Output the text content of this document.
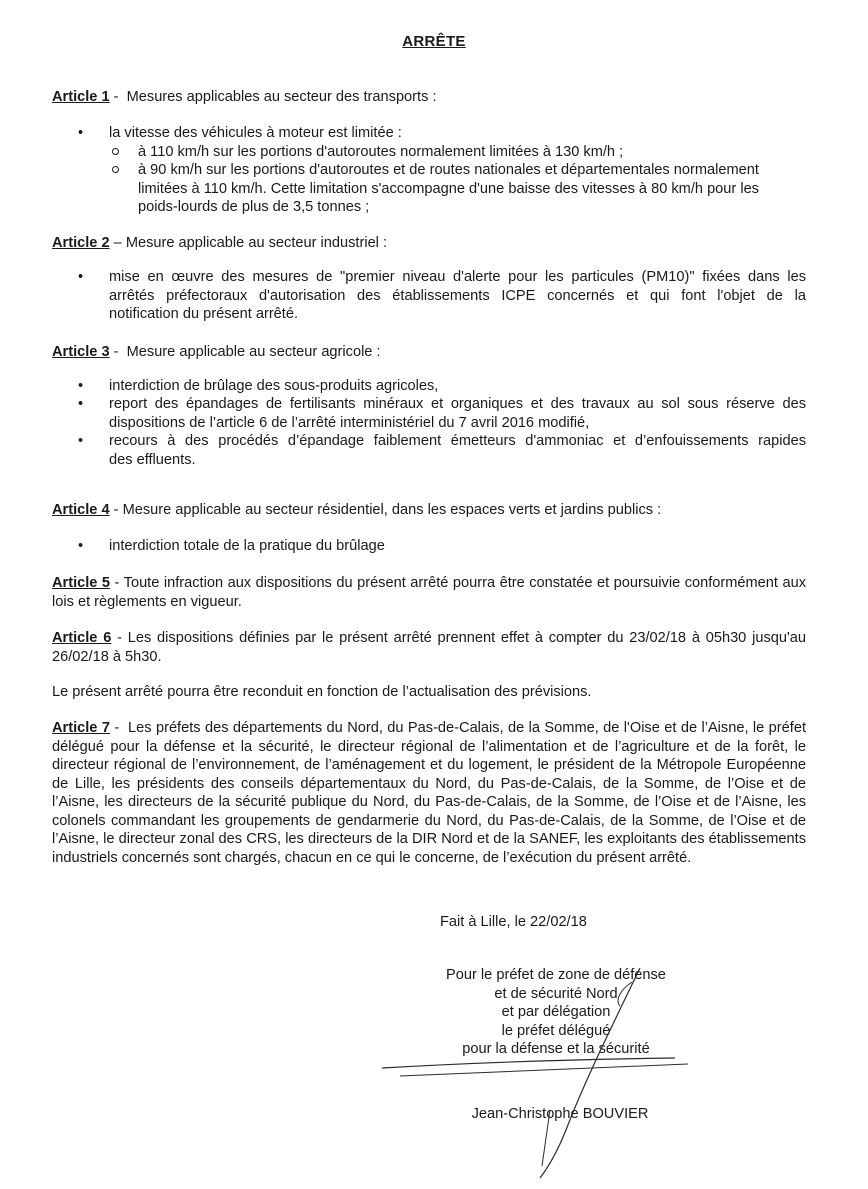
ARRÊTE

Article 1 -  Mesures applicables au secteur des transports :

•	la vitesse des véhicules à moteur est limitée :
à 110 km/h sur les portions d'autoroutes normalement limitées à 130 km/h ;
à 90 km/h sur les portions d'autoroutes et de routes nationales et départementales normalement
limitées à 110 km/h. Cette limitation s'accompagne d'une baisse des vitesses à 80 km/h pour les
poids-lourds de plus de 3,5 tonnes ;

Article 2 – Mesure applicable au secteur industriel :

•	mise en œuvre des mesures de "premier niveau d'alerte pour les particules (PM10)" fixées dans les
arrêtés préfectoraux d'autorisation des établissements ICPE concernés et qui font l'objet de la
notification du présent arrêté.

Article 3 -  Mesure applicable au secteur agricole :

•	interdiction de brûlage des sous-produits agricoles,
•	report des épandages de fertilisants minéraux et organiques et des travaux au sol sous réserve des
dispositions de l’article 6 de l’arrêté interministériel du 7 avril 2016 modifié,
•	recours à des procédés d’épandage faiblement émetteurs d'ammoniac et d’enfouissements rapides
des effluents.

Article 4 - Mesure applicable au secteur résidentiel, dans les espaces verts et jardins publics :

•	interdiction totale de la pratique du brûlage

Article 5 - Toute infraction aux dispositions du présent arrêté pourra être constatée et poursuivie conformément aux lois et règlements en vigueur.

Article 6 - Les dispositions définies par le présent arrêté prennent effet à compter du 23/02/18 à 05h30 jusqu'au 26/02/18 à 5h30.

Le présent arrêté pourra être reconduit en fonction de l’actualisation des prévisions.

Article 7 -  Les préfets des départements du Nord, du Pas-de-Calais, de la Somme, de l'Oise et de l’Aisne, le préfet délégué pour la défense et la sécurité, le directeur régional de l’alimentation et de l’agriculture et de la forêt, le directeur régional de l’environnement, de l’aménagement et du logement, le président de la Métropole Européenne de Lille, les présidents des conseils départementaux du Nord, du Pas-de-Calais, de la Somme, de l’Oise et de l’Aisne, les directeurs de la sécurité publique du Nord, du Pas-de-Calais, de la Somme, de l’Oise et de l’Aisne, les colonels commandant les groupements de gendarmerie du Nord, du Pas-de-Calais, de la Somme, de l’Oise et de l’Aisne, le directeur zonal des CRS, les directeurs de la DIR Nord et de la SANEF, les exploitants des établissements industriels concernés sont chargés, chacun en ce qui le concerne, de l’exécution du présent arrêté.

Fait à Lille, le 22/02/18
Pour le préfet de zone de défense
et de sécurité Nord
et par délégation
le préfet délégué
pour la défense et la sécurité
Jean-Christophe BOUVIER
